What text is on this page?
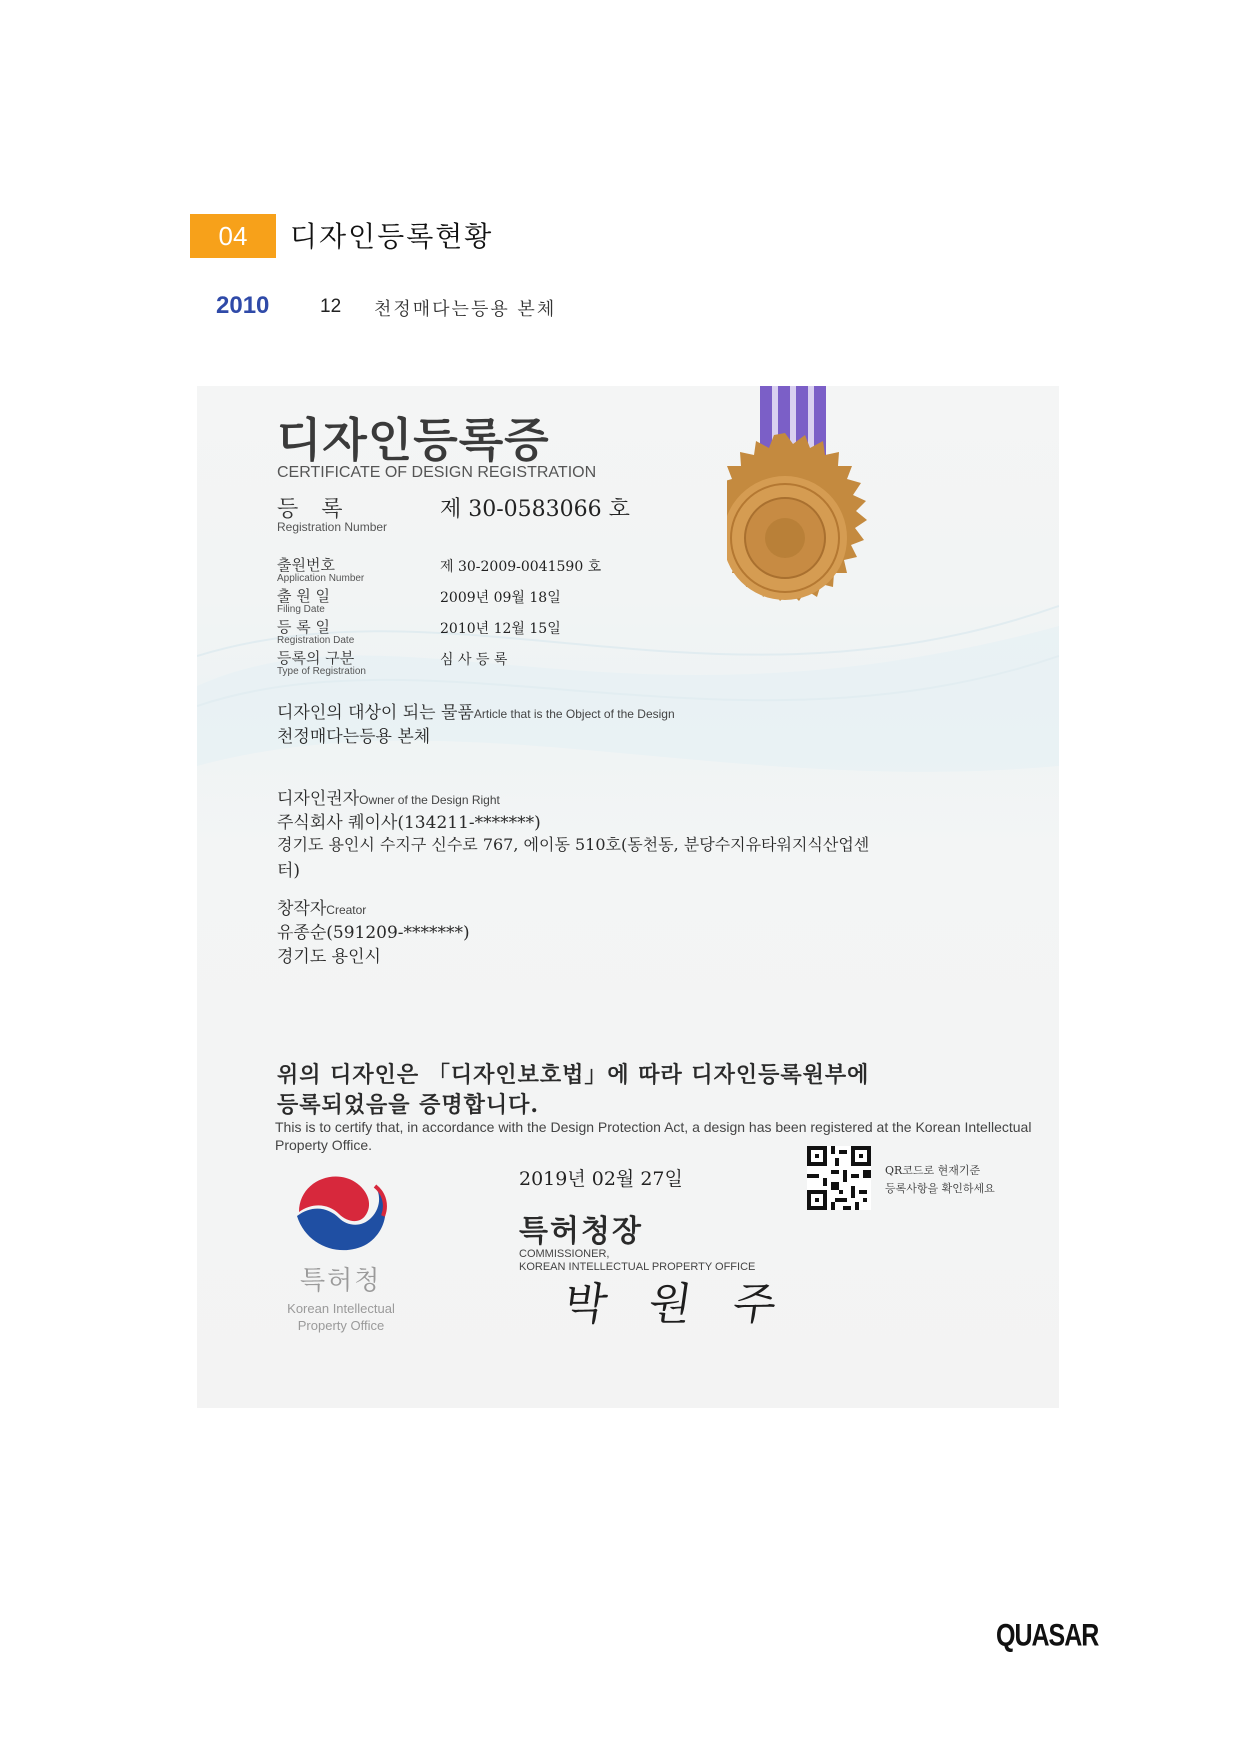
04	디자인등록현황
2010	12 천정매다는등용 본체
디자인등록증
CERTIFICATE OF DESIGN REGISTRATION
등 록
Registration Number
제 30-0583066 호
출원번호
Application Number
제 30-2009-0041590 호
출 원 일
Filing Date
2009년 09월 18일
등 록 일
Registration Date
2010년 12월 15일
등록의 구분
Type of Registration
심 사 등 록
디자인의 대상이 되는 물품Article that is the Object of the Design
천정매다는등용 본체
디자인권자Owner of the Design Right
주식회사 퀘이사(134211-*******)
경기도 용인시 수지구 신수로 767, 에이동 510호(동천동, 분당수지유타워지식산업센
터)
창작자Creator
유종순(591209-*******)
경기도 용인시
위의 디자인은 「디자인보호법」에 따라 디자인등록원부에
등록되었음을 증명합니다.
This is to certify that, in accordance with the Design Protection Act, a design has been registered at the Korean Intellectual Property Office.
2019년 02월 27일
특허청장
COMMISSIONER,
KOREAN INTELLECTUAL PROPERTY OFFICE
박 원 주
QR코드로 현재기준
등록사항을 확인하세요
특허청
Korean Intellectual
Property Office
QUASAR
